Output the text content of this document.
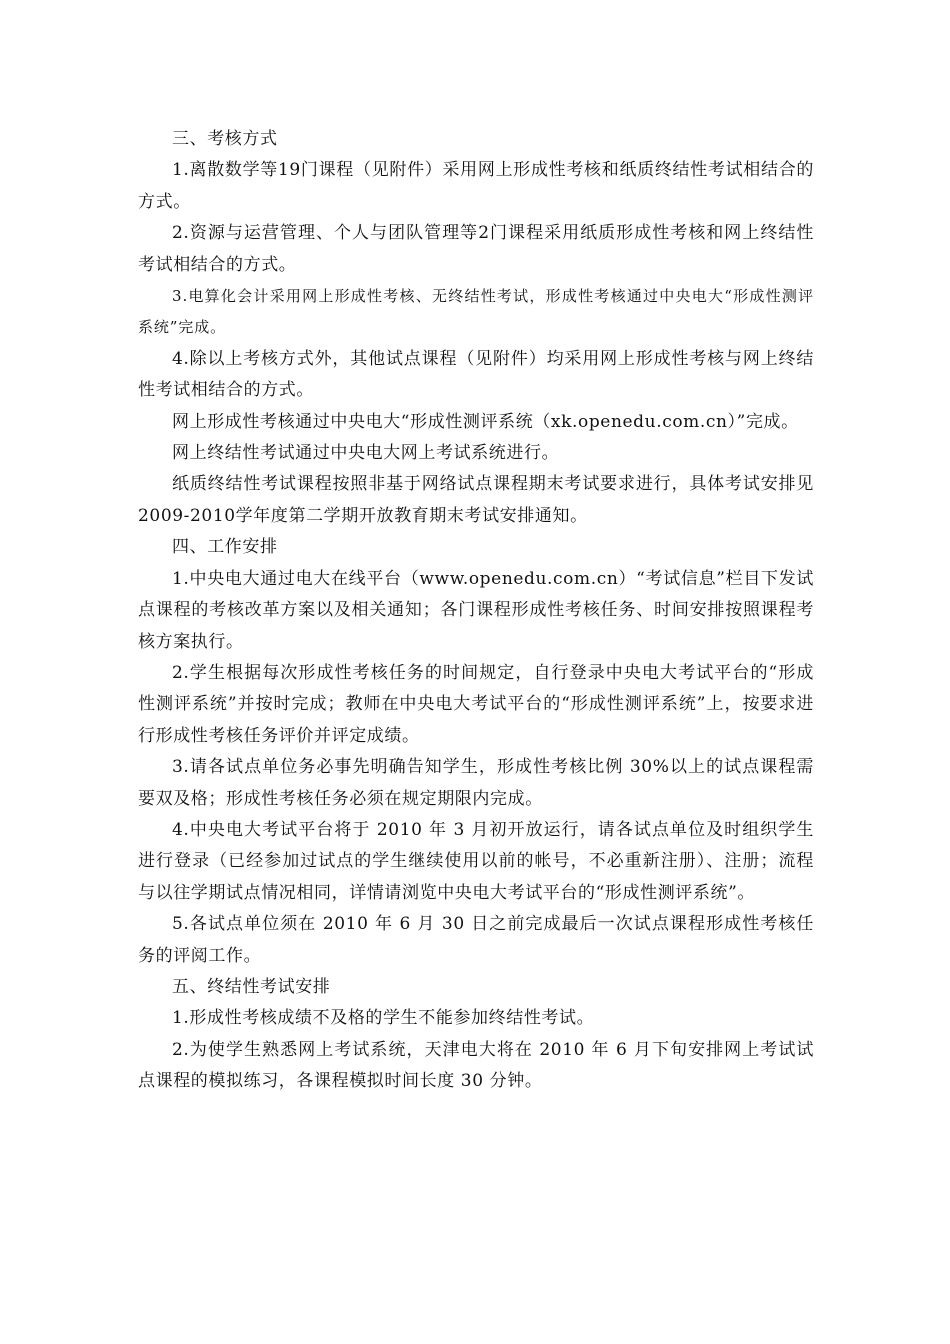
三、考核方式

1.离散数学等19门课程（见附件）采用网上形成性考核和纸质终结性考试相结合的方式。

2.资源与运营管理、个人与团队管理等2门课程采用纸质形成性考核和网上终结性考试相结合的方式。

3.电算化会计采用网上形成性考核、无终结性考试，形成性考核通过中央电大“形成性测评系统”完成。

4.除以上考核方式外，其他试点课程（见附件）均采用网上形成性考核与网上终结性考试相结合的方式。

网上形成性考核通过中央电大“形成性测评系统（xk.openedu.com.cn）”完成。

网上终结性考试通过中央电大网上考试系统进行。

纸质终结性考试课程按照非基于网络试点课程期末考试要求进行，具体考试安排见2009-2010学年度第二学期开放教育期末考试安排通知。

四、工作安排

1.中央电大通过电大在线平台（www.openedu.com.cn）“考试信息”栏目下发试点课程的考核改革方案以及相关通知；各门课程形成性考核任务、时间安排按照课程考核方案执行。

2.学生根据每次形成性考核任务的时间规定，自行登录中央电大考试平台的“形成性测评系统”并按时完成；教师在中央电大考试平台的“形成性测评系统”上，按要求进行形成性考核任务评价并评定成绩。

3.请各试点单位务必事先明确告知学生，形成性考核比例 30%以上的试点课程需要双及格；形成性考核任务必须在规定期限内完成。

4.中央电大考试平台将于 2010 年 3 月初开放运行，请各试点单位及时组织学生进行登录（已经参加过试点的学生继续使用以前的帐号，不必重新注册）、注册；流程与以往学期试点情况相同，详情请浏览中央电大考试平台的“形成性测评系统”。

5.各试点单位须在 2010 年 6 月 30 日之前完成最后一次试点课程形成性考核任务的评阅工作。

五、终结性考试安排

1.形成性考核成绩不及格的学生不能参加终结性考试。

2.为使学生熟悉网上考试系统，天津电大将在 2010 年 6 月下旬安排网上考试试点课程的模拟练习，各课程模拟时间长度 30 分钟。
